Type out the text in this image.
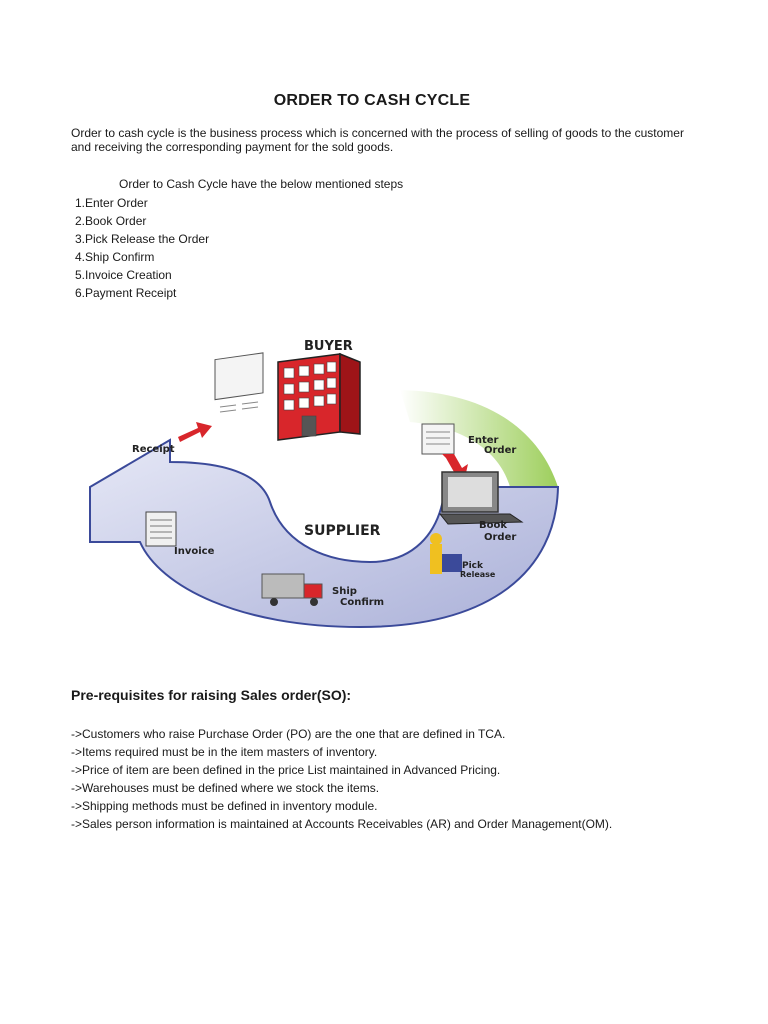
ORDER TO CASH CYCLE
Order to cash cycle is the business process which is concerned with the process of selling of goods to the customer and receiving the corresponding payment for the sold goods.
Order to Cash Cycle have the below mentioned steps
1.Enter Order
2.Book Order
3.Pick Release the Order
4.Ship Confirm
5.Invoice Creation
6.Payment Receipt
BUYER
SUPPLIER
Receipt
Enter
Order
Book
Order
Pick
Release
Ship
Confirm
Invoice
Pre-requisites for raising Sales order(SO):
->Customers who raise Purchase Order (PO) are the one that are defined in TCA.
->Items required must be in the item masters of inventory.
->Price of item are been defined in the price List maintained in Advanced Pricing.
->Warehouses must be defined where we stock the items.
->Shipping methods must be defined in inventory module.
->Sales person information is maintained at Accounts Receivables (AR) and Order Management(OM).
